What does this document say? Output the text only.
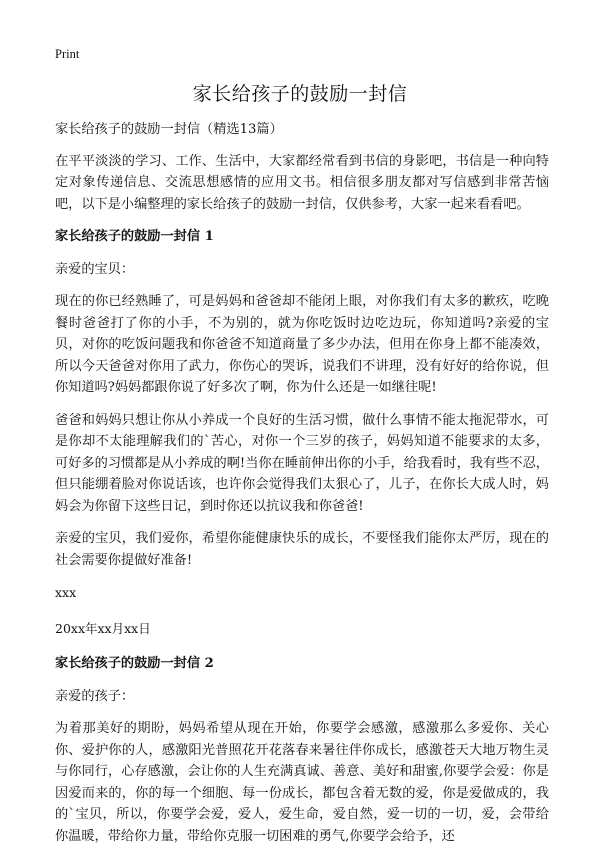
Print
家长给孩子的鼓励一封信

家长给孩子的鼓励一封信（精选13篇）

在平平淡淡的学习、工作、生活中，大家都经常看到书信的身影吧，书信是一种向特定对象传递信息、交流思想感情的应用文书。相信很多朋友都对写信感到非常苦恼吧，以下是小编整理的家长给孩子的鼓励一封信，仅供参考，大家一起来看看吧。

家长给孩子的鼓励一封信 1

亲爱的宝贝：

现在的你已经熟睡了，可是妈妈和爸爸却不能闭上眼，对你我们有太多的歉疚，吃晚餐时爸爸打了你的小手，不为别的，就为你吃饭时边吃边玩，你知道吗?亲爱的宝贝，对你的吃饭问题我和你爸爸不知道商量了多少办法，但用在你身上都不能凑效，所以今天爸爸对你用了武力，你伤心的哭诉，说我们不讲理，没有好好的给你说，但你知道吗?妈妈都跟你说了好多次了啊，你为什么还是一如继往呢!

爸爸和妈妈只想让你从小养成一个良好的生活习惯，做什么事情不能太拖泥带水，可是你却不太能理解我们的`苦心，对你一个三岁的孩子，妈妈知道不能要求的太多，可好多的习惯都是从小养成的啊!当你在睡前伸出你的小手，给我看时，我有些不忍，但只能绷着脸对你说话该，也许你会觉得我们太狠心了，儿子，在你长大成人时，妈妈会为你留下这些日记，到时你还以抗议我和你爸爸!

亲爱的宝贝，我们爱你，希望你能健康快乐的成长，不要怪我们能你太严厉，现在的社会需要你提做好准备!

xxx

20xx年xx月xx日

家长给孩子的鼓励一封信 2

亲爱的孩子：

为着那美好的期盼，妈妈希望从现在开始，你要学会感激，感激那么多爱你、关心你、爱护你的人，感激阳光普照花开花落春来暑往伴你成长，感激苍天大地万物生灵与你同行，心存感激，会让你的人生充满真诚、善意、美好和甜蜜,你要学会爱：你是因爱而来的，你的每一个细胞、每一份成长，都包含着无数的爱，你是爱做成的，我的`宝贝，所以，你要学会爱，爱人，爱生命，爱自然，爱一切的一切，爱，会带给你温暖，带给你力量，带给你克服一切困难的勇气,你要学会给予，还
